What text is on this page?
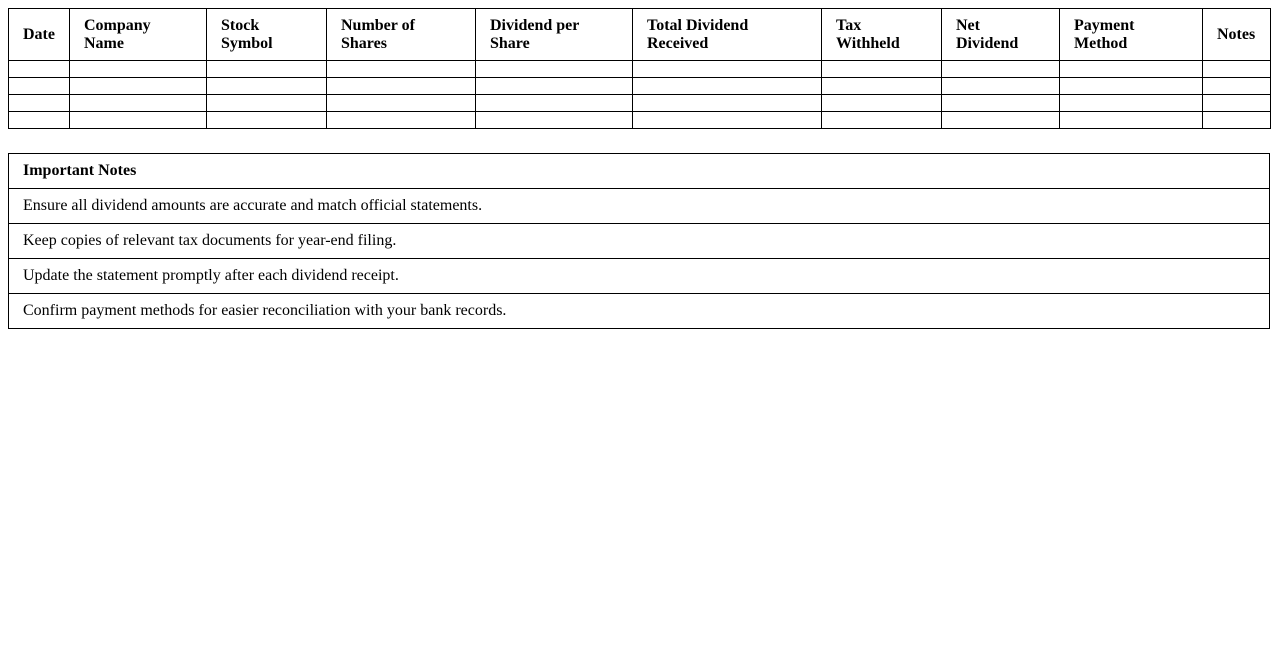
Date	Company Name	Stock Symbol	Number of Shares	Dividend per Share	Total Dividend Received	Tax Withheld	Net Dividend	Payment Method	Notes

Important Notes
Ensure all dividend amounts are accurate and match official statements.
Keep copies of relevant tax documents for year-end filing.
Update the statement promptly after each dividend receipt.
Confirm payment methods for easier reconciliation with your bank records.
